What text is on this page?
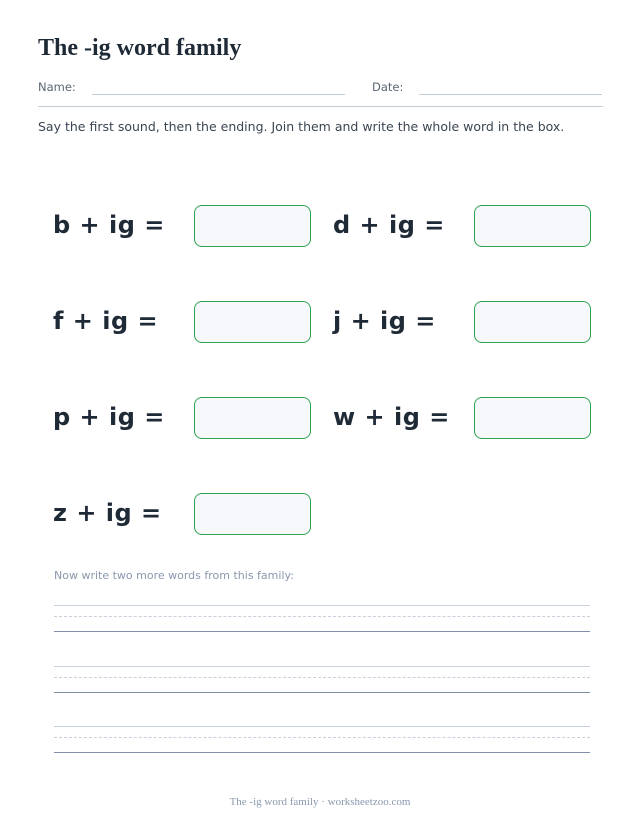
The -ig word family
Name:	Date:
Say the first sound, then the ending. Join them and write the whole word in the box.
b + ig =	d + ig =
f + ig =	j + ig =
p + ig =	w + ig =
z + ig =
Now write two more words from this family:
The -ig word family · worksheetzoo.com
